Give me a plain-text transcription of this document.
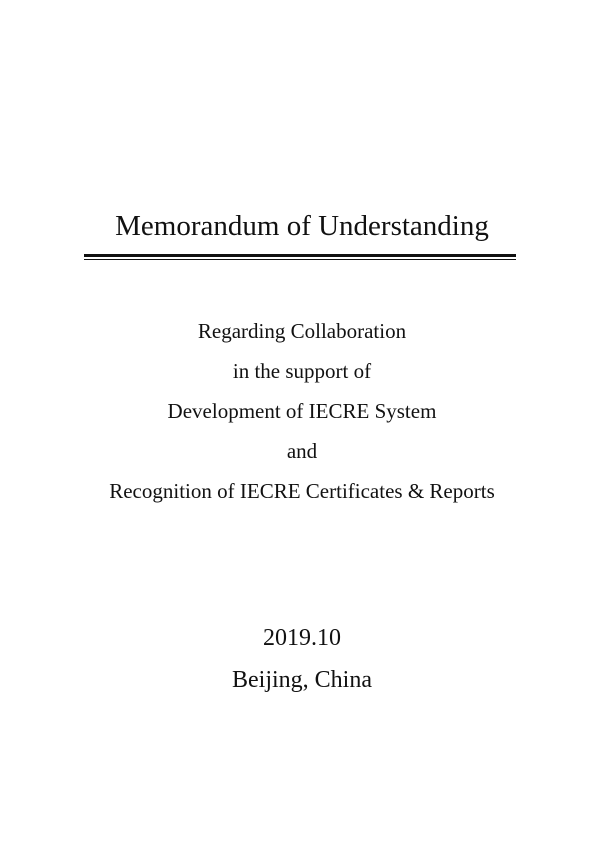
Memorandum of Understanding
Regarding Collaboration
in the support of
Development of IECRE System
and
Recognition of IECRE Certificates & Reports
2019.10
Beijing, China
